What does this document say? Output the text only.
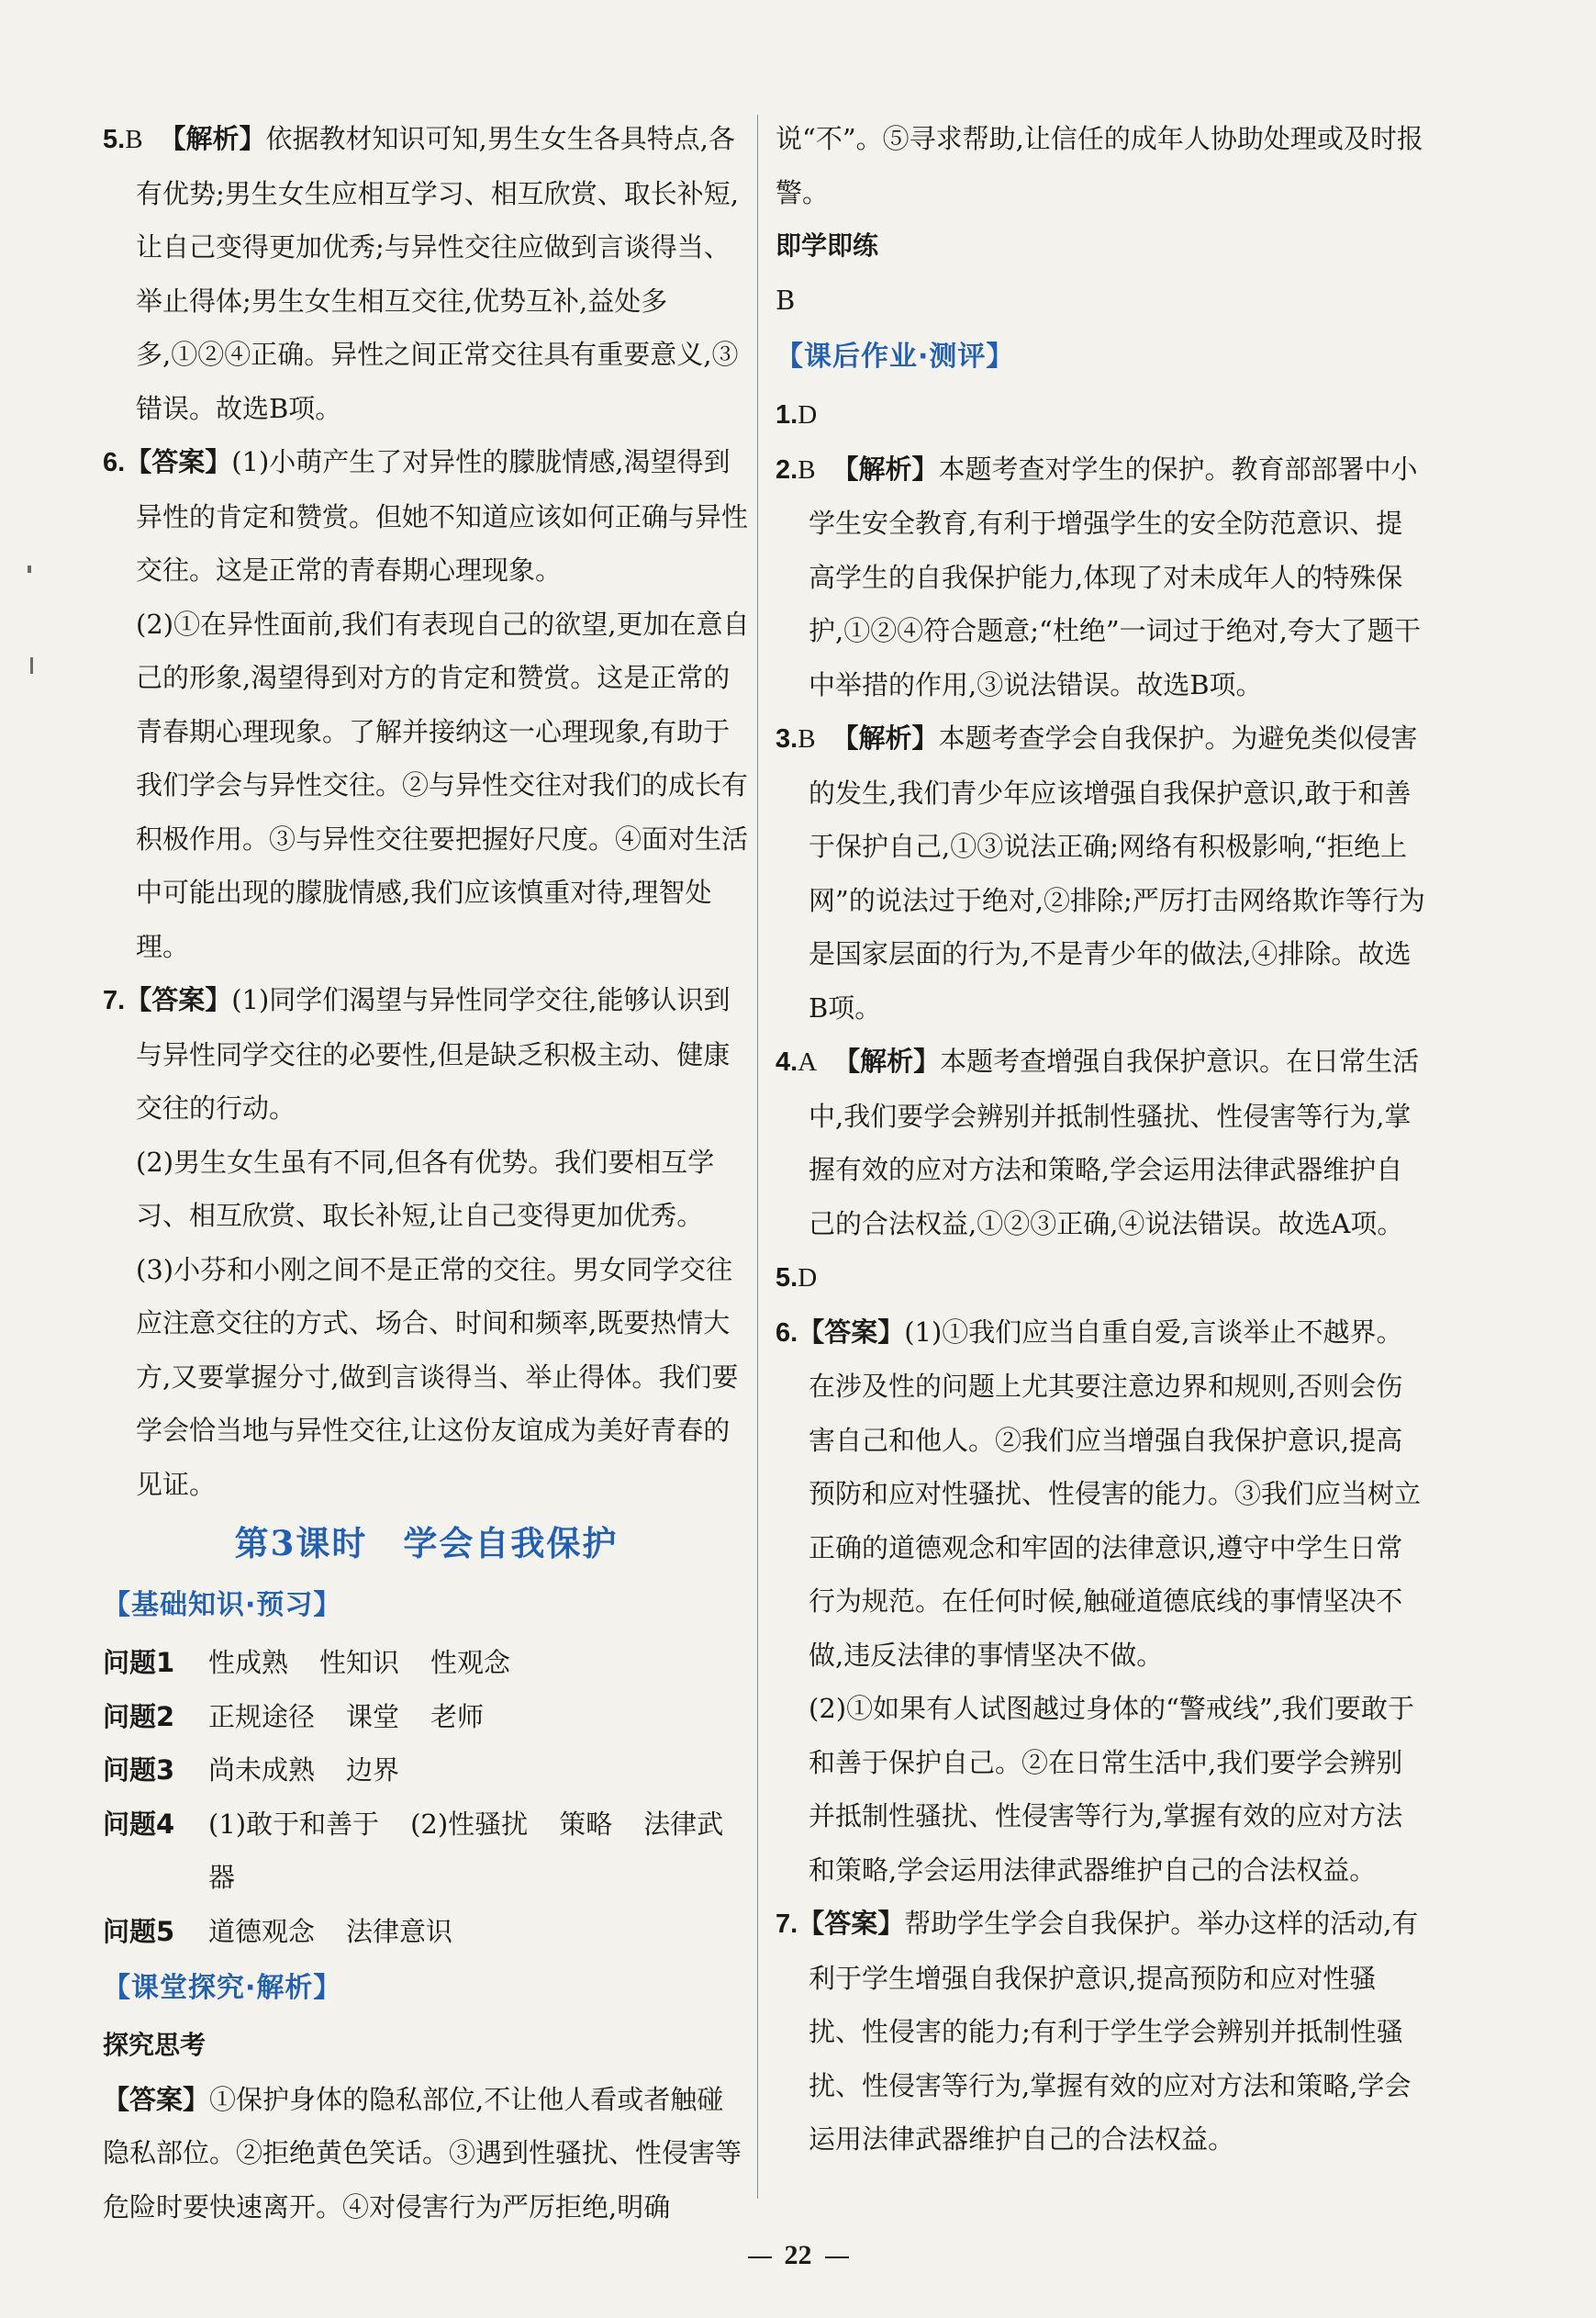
5.B 【解析】依据教材知识可知,男生女生各具特点,各有优势;男生女生应相互学习、相互欣赏、取长补短,让自己变得更加优秀;与异性交往应做到言谈得当、举止得体;男生女生相互交往,优势互补,益处多多,①②④正确。异性之间正常交往具有重要意义,③错误。故选B项。

6.【答案】(1)小萌产生了对异性的朦胧情感,渴望得到异性的肯定和赞赏。但她不知道应该如何正确与异性交往。这是正常的青春期心理现象。

(2)①在异性面前,我们有表现自己的欲望,更加在意自己的形象,渴望得到对方的肯定和赞赏。这是正常的青春期心理现象。了解并接纳这一心理现象,有助于我们学会与异性交往。②与异性交往对我们的成长有积极作用。③与异性交往要把握好尺度。④面对生活中可能出现的朦胧情感,我们应该慎重对待,理智处理。

7.【答案】(1)同学们渴望与异性同学交往,能够认识到与异性同学交往的必要性,但是缺乏积极主动、健康交往的行动。

(2)男生女生虽有不同,但各有优势。我们要相互学习、相互欣赏、取长补短,让自己变得更加优秀。

(3)小芬和小刚之间不是正常的交往。男女同学交往应注意交往的方式、场合、时间和频率,既要热情大方,又要掌握分寸,做到言谈得当、举止得体。我们要学会恰当地与异性交往,让这份友谊成为美好青春的见证。

第3课时　学会自我保护

【基础知识·预习】

问题1	性成熟 性知识 性观念
问题2	正规途径 课堂 老师
问题3	尚未成熟 边界
问题4	(1)敢于和善于 (2)性骚扰 策略 法律武器
问题5	道德观念 法律意识

【课堂探究·解析】

探究思考

【答案】①保护身体的隐私部位,不让他人看或者触碰隐私部位。②拒绝黄色笑话。③遇到性骚扰、性侵害等危险时要快速离开。④对侵害行为严厉拒绝,明确

说“不”。⑤寻求帮助,让信任的成年人协助处理或及时报警。

即学即练

B

【课后作业·测评】

1.D

2.B 【解析】本题考查对学生的保护。教育部部署中小学生安全教育,有利于增强学生的安全防范意识、提高学生的自我保护能力,体现了对未成年人的特殊保护,①②④符合题意;“杜绝”一词过于绝对,夸大了题干中举措的作用,③说法错误。故选B项。

3.B 【解析】本题考查学会自我保护。为避免类似侵害的发生,我们青少年应该增强自我保护意识,敢于和善于保护自己,①③说法正确;网络有积极影响,“拒绝上网”的说法过于绝对,②排除;严厉打击网络欺诈等行为是国家层面的行为,不是青少年的做法,④排除。故选B项。

4.A 【解析】本题考查增强自我保护意识。在日常生活中,我们要学会辨别并抵制性骚扰、性侵害等行为,掌握有效的应对方法和策略,学会运用法律武器维护自己的合法权益,①②③正确,④说法错误。故选A项。

5.D

6.【答案】(1)①我们应当自重自爱,言谈举止不越界。在涉及性的问题上尤其要注意边界和规则,否则会伤害自己和他人。②我们应当增强自我保护意识,提高预防和应对性骚扰、性侵害的能力。③我们应当树立正确的道德观念和牢固的法律意识,遵守中学生日常行为规范。在任何时候,触碰道德底线的事情坚决不做,违反法律的事情坚决不做。

(2)①如果有人试图越过身体的“警戒线”,我们要敢于和善于保护自己。②在日常生活中,我们要学会辨别并抵制性骚扰、性侵害等行为,掌握有效的应对方法和策略,学会运用法律武器维护自己的合法权益。

7.【答案】帮助学生学会自我保护。举办这样的活动,有利于学生增强自我保护意识,提高预防和应对性骚扰、性侵害的能力;有利于学生学会辨别并抵制性骚扰、性侵害等行为,掌握有效的应对方法和策略,学会运用法律武器维护自己的合法权益。

22
